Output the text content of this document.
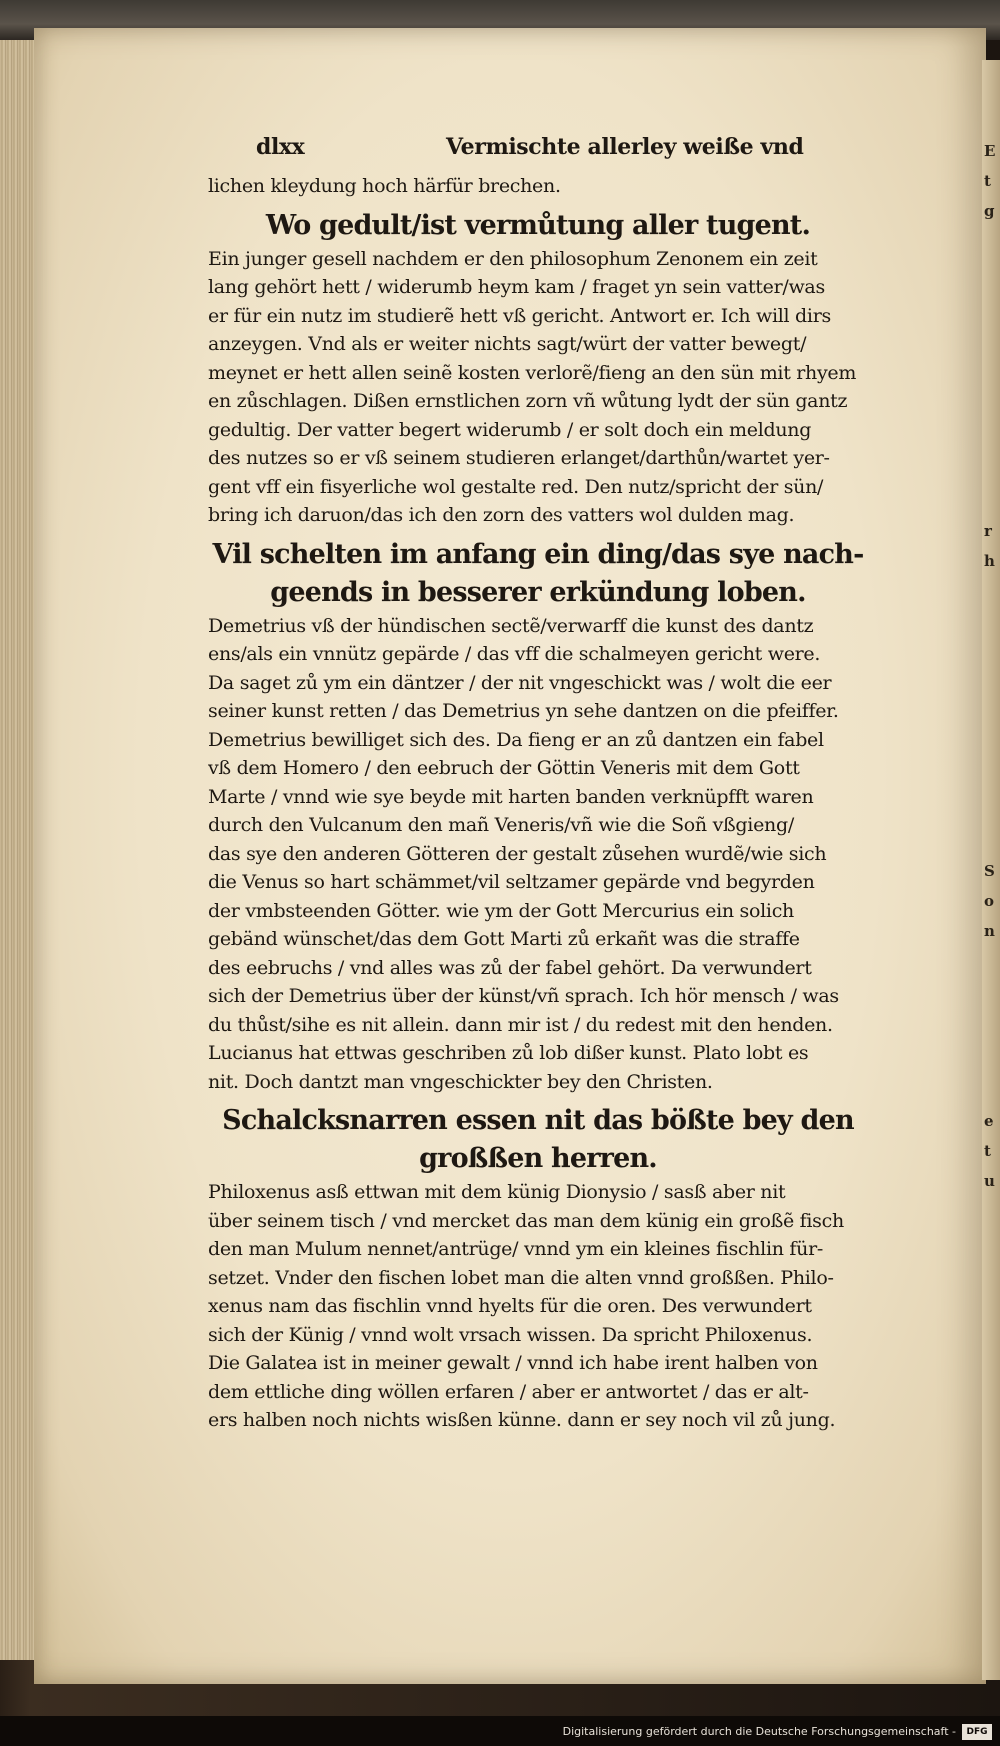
E
t
g
r
h
S
o
n
e
t
u
dlxx	Vermischte allerley weiße vnd
lichen kleydung hoch härfür brechen.
Wo gedult/ist vermůtung aller tugent.
Ein junger gesell nachdem er den philosophum Zenonem ein zeit
lang gehört hett / widerumb heym kam / fraget yn sein vatter/was
er für ein nutz im studierẽ hett vß gericht. Antwort er. Ich will dirs
anzeygen. Vnd als er weiter nichts sagt/würt der vatter bewegt/
meynet er hett allen seinẽ kosten verlorẽ/fieng an den sün mit rhyem
en zůschlagen. Dißen ernstlichen zorn vñ wůtung lydt der sün gantz
gedultig. Der vatter begert widerumb / er solt doch ein meldung
des nutzes so er vß seinem studieren erlanget/darthůn/wartet yer-
gent vff ein fisyerliche wol gestalte red. Den nutz/spricht der sün/
bring ich daruon/das ich den zorn des vatters wol dulden mag.
Vil schelten im anfang ein ding/das sye nach-
geends in besserer erkündung loben.
Demetrius vß der hündischen sectẽ/verwarff die kunst des dantz
ens/als ein vnnütz gepärde / das vff die schalmeyen gericht were.
Da saget zů ym ein däntzer / der nit vngeschickt was / wolt die eer
seiner kunst retten / das Demetrius yn sehe dantzen on die pfeiffer.
Demetrius bewilliget sich des. Da fieng er an zů dantzen ein fabel
vß dem Homero / den eebruch der Göttin Veneris mit dem Gott
Marte / vnnd wie sye beyde mit harten banden verknüpfft waren
durch den Vulcanum den mañ Veneris/vñ wie die Soñ vßgieng/
das sye den anderen Götteren der gestalt zůsehen wurdẽ/wie sich
die Venus so hart schämmet/vil seltzamer gepärde vnd begyrden
der vmbsteenden Götter. wie ym der Gott Mercurius ein solich
gebänd wünschet/das dem Gott Marti zů erkañt was die straffe
des eebruchs / vnd alles was zů der fabel gehört. Da verwundert
sich der Demetrius über der künst/vñ sprach. Ich hör mensch / was
du thůst/sihe es nit allein. dann mir ist / du redest mit den henden.
Lucianus hat ettwas geschriben zů lob dißer kunst. Plato lobt es
nit. Doch dantzt man vngeschickter bey den Christen.
Schalcksnarren essen nit das bößte bey den
großßen herren.
Philoxenus asß ettwan mit dem künig Dionysio / sasß aber nit
über seinem tisch / vnd mercket das man dem künig ein großẽ fisch
den man Mulum nennet/antrüge/ vnnd ym ein kleines fischlin für-
setzet. Vnder den fischen lobet man die alten vnnd großßen. Philo-
xenus nam das fischlin vnnd hyelts für die oren. Des verwundert
sich der Künig / vnnd wolt vrsach wissen. Da spricht Philoxenus.
Die Galatea ist in meiner gewalt / vnnd ich habe irent halben von
dem ettliche ding wöllen erfaren / aber er antwortet / das er alt-
ers halben noch nichts wisßen künne. dann er sey noch vil zů jung.
Digitalisierung gefördert durch die Deutsche Forschungsgemeinschaft -	DFG
